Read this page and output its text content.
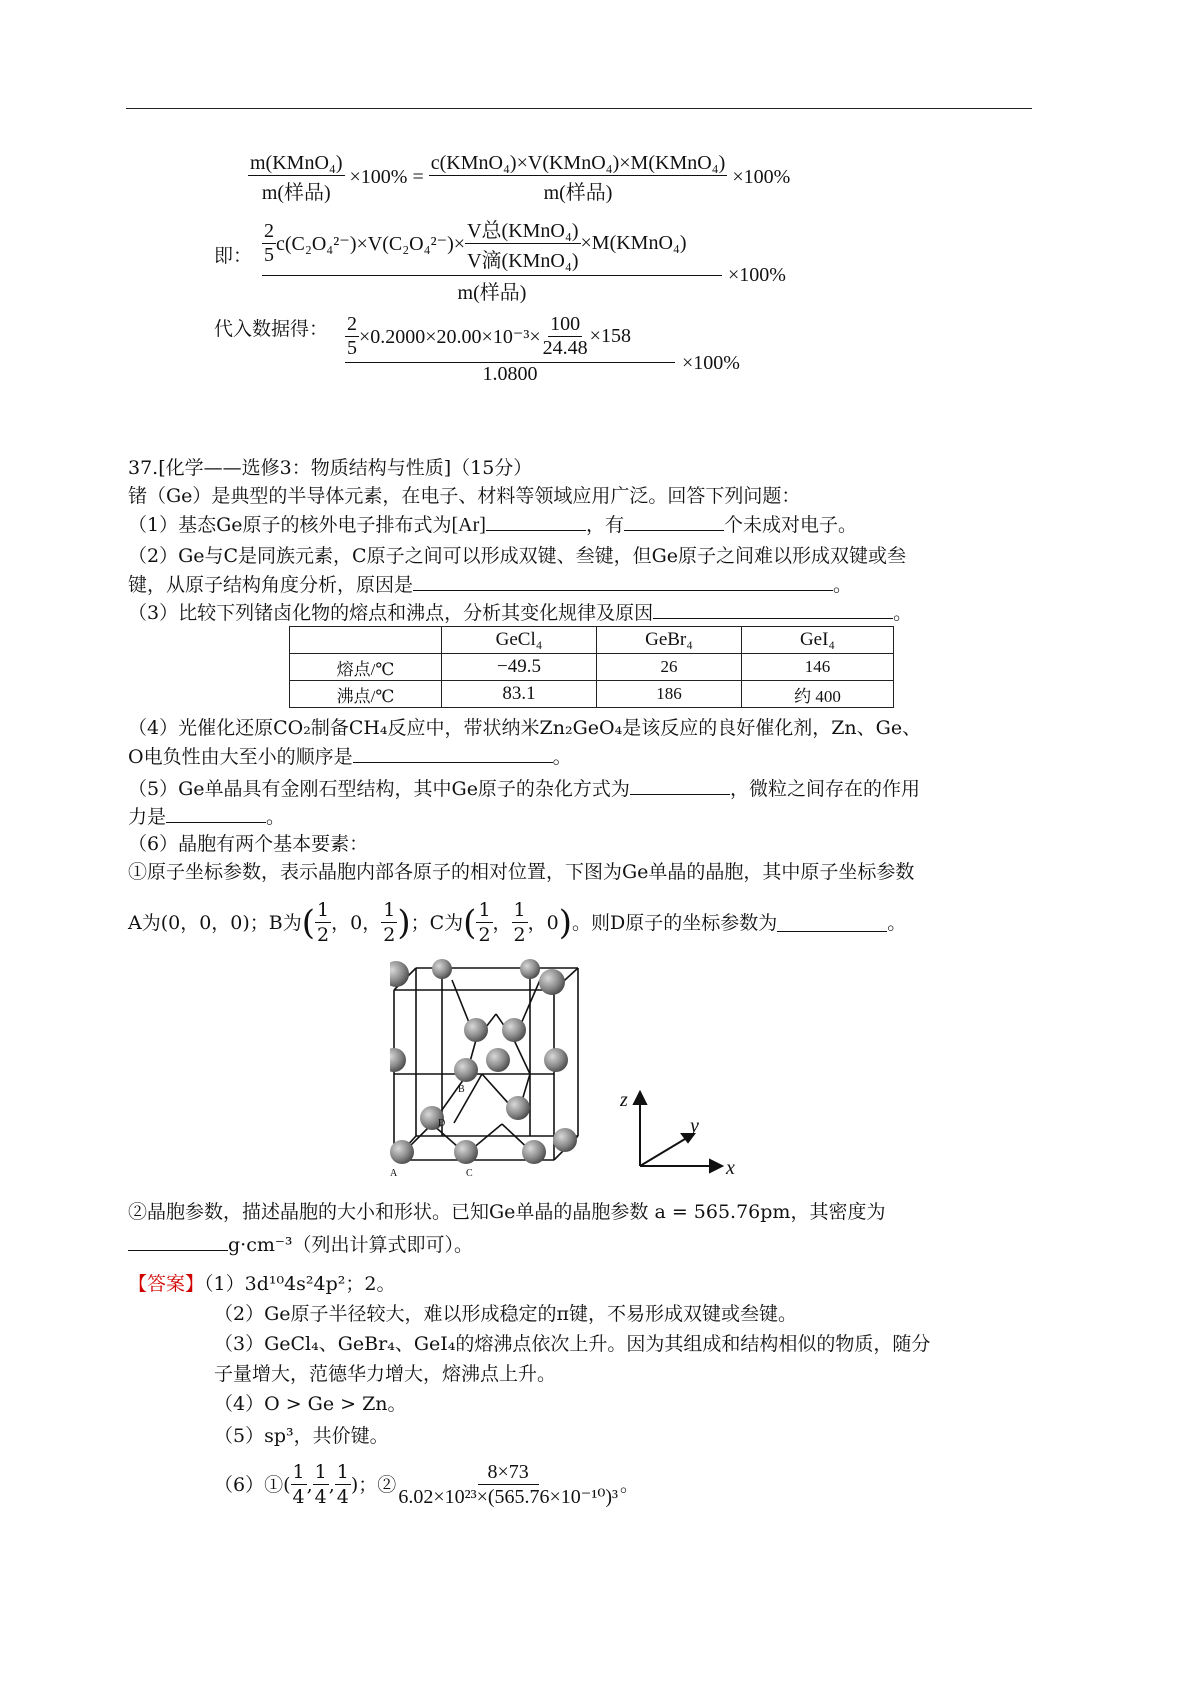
$\frac{\text{m(KMnO₄)}}{\text{m(样品)}} \times 100\% = \frac{\text{c(KMnO₄)×V(KMnO₄)×M(KMnO₄)}}{\text{m(样品)}} \times 100\%$
即： $\frac{2}{5} c(C_2O_4^{2-})\times V(C_2O_4^{2-})\times \frac{\text{V总(KMnO₄)}}{\text{V滴(KMnO₄)}}$ ×M(KMnO₄)
m(样品)
×100%
代入数据得： $\frac{2}{5} \times 0.2000\times 20.00\times 10^{-3}\times \frac{100}{24.48} \times 158$
1.0800	×100%
37.[化学——选修3：物质结构与性质]（15分）
锗（Ge）是典型的半导体元素，在电子、材料等领域应用广泛。回答下列问题：
（1）基态Ge原子的核外电子排布式为[Ar]	，有	个未成对电子。
（2）Ge与C是同族元素，C原子之间可以形成双键、叁键，但Ge原子之间难以形成双键或叁
键，从原子结构角度分析，原因是	。
（3）比较下列锗卤化物的熔点和沸点，分析其变化规律及原因	。
	GeCl₄	GeBr₄	GeI₄
熔点/℃	−49.5	26	146
沸点/℃	83.1	186	约 400
（4）光催化还原CO₂制备CH₄反应中，带状纳米Zn₂GeO₄是该反应的良好催化剂，Zn、Ge、
O电负性由大至小的顺序是	。
（5）Ge单晶具有金刚石型结构，其中Ge原子的杂化方式为	，微粒之间存在的作用
力是	。
（6）晶胞有两个基本要素：
①原子坐标参数，表示晶胞内部各原子的相对位置，下图为Ge单晶的晶胞，其中原子坐标参数
A为(0，0，0)；B为 ( $\frac{1}{2}$ ， 0 ， $\frac{1}{2}$ ) ；C为 ( $\frac{1}{2}$ ， $\frac{1}{2}$ ， 0 ) 。则D原子的坐标参数为	。
A
B
C
D
z
y
x
②晶胞参数，描述晶胞的大小和形状。已知Ge单晶的晶胞参数 a = 565.76pm，其密度为
g·cm⁻³（列出计算式即可）。
【答案】（1）3d¹⁰4s²4p²；2。
（2）Ge原子半径较大，难以形成稳定的π键，不易形成双键或叁键。
（3）GeCl₄、GeBr₄、GeI₄的熔沸点依次上升。因为其组成和结构相似的物质，随分
子量增大，范德华力增大，熔沸点上升。
（4）O > Ge > Zn。
（5）sp³，共价键。
（6）①( $\frac{1}{4}$ , $\frac{1}{4}$ , $\frac{1}{4}$ )；② $\frac{8\times 73}{\text{6.02×10²³×(565.76×10⁻¹⁰)³}}$ 。
